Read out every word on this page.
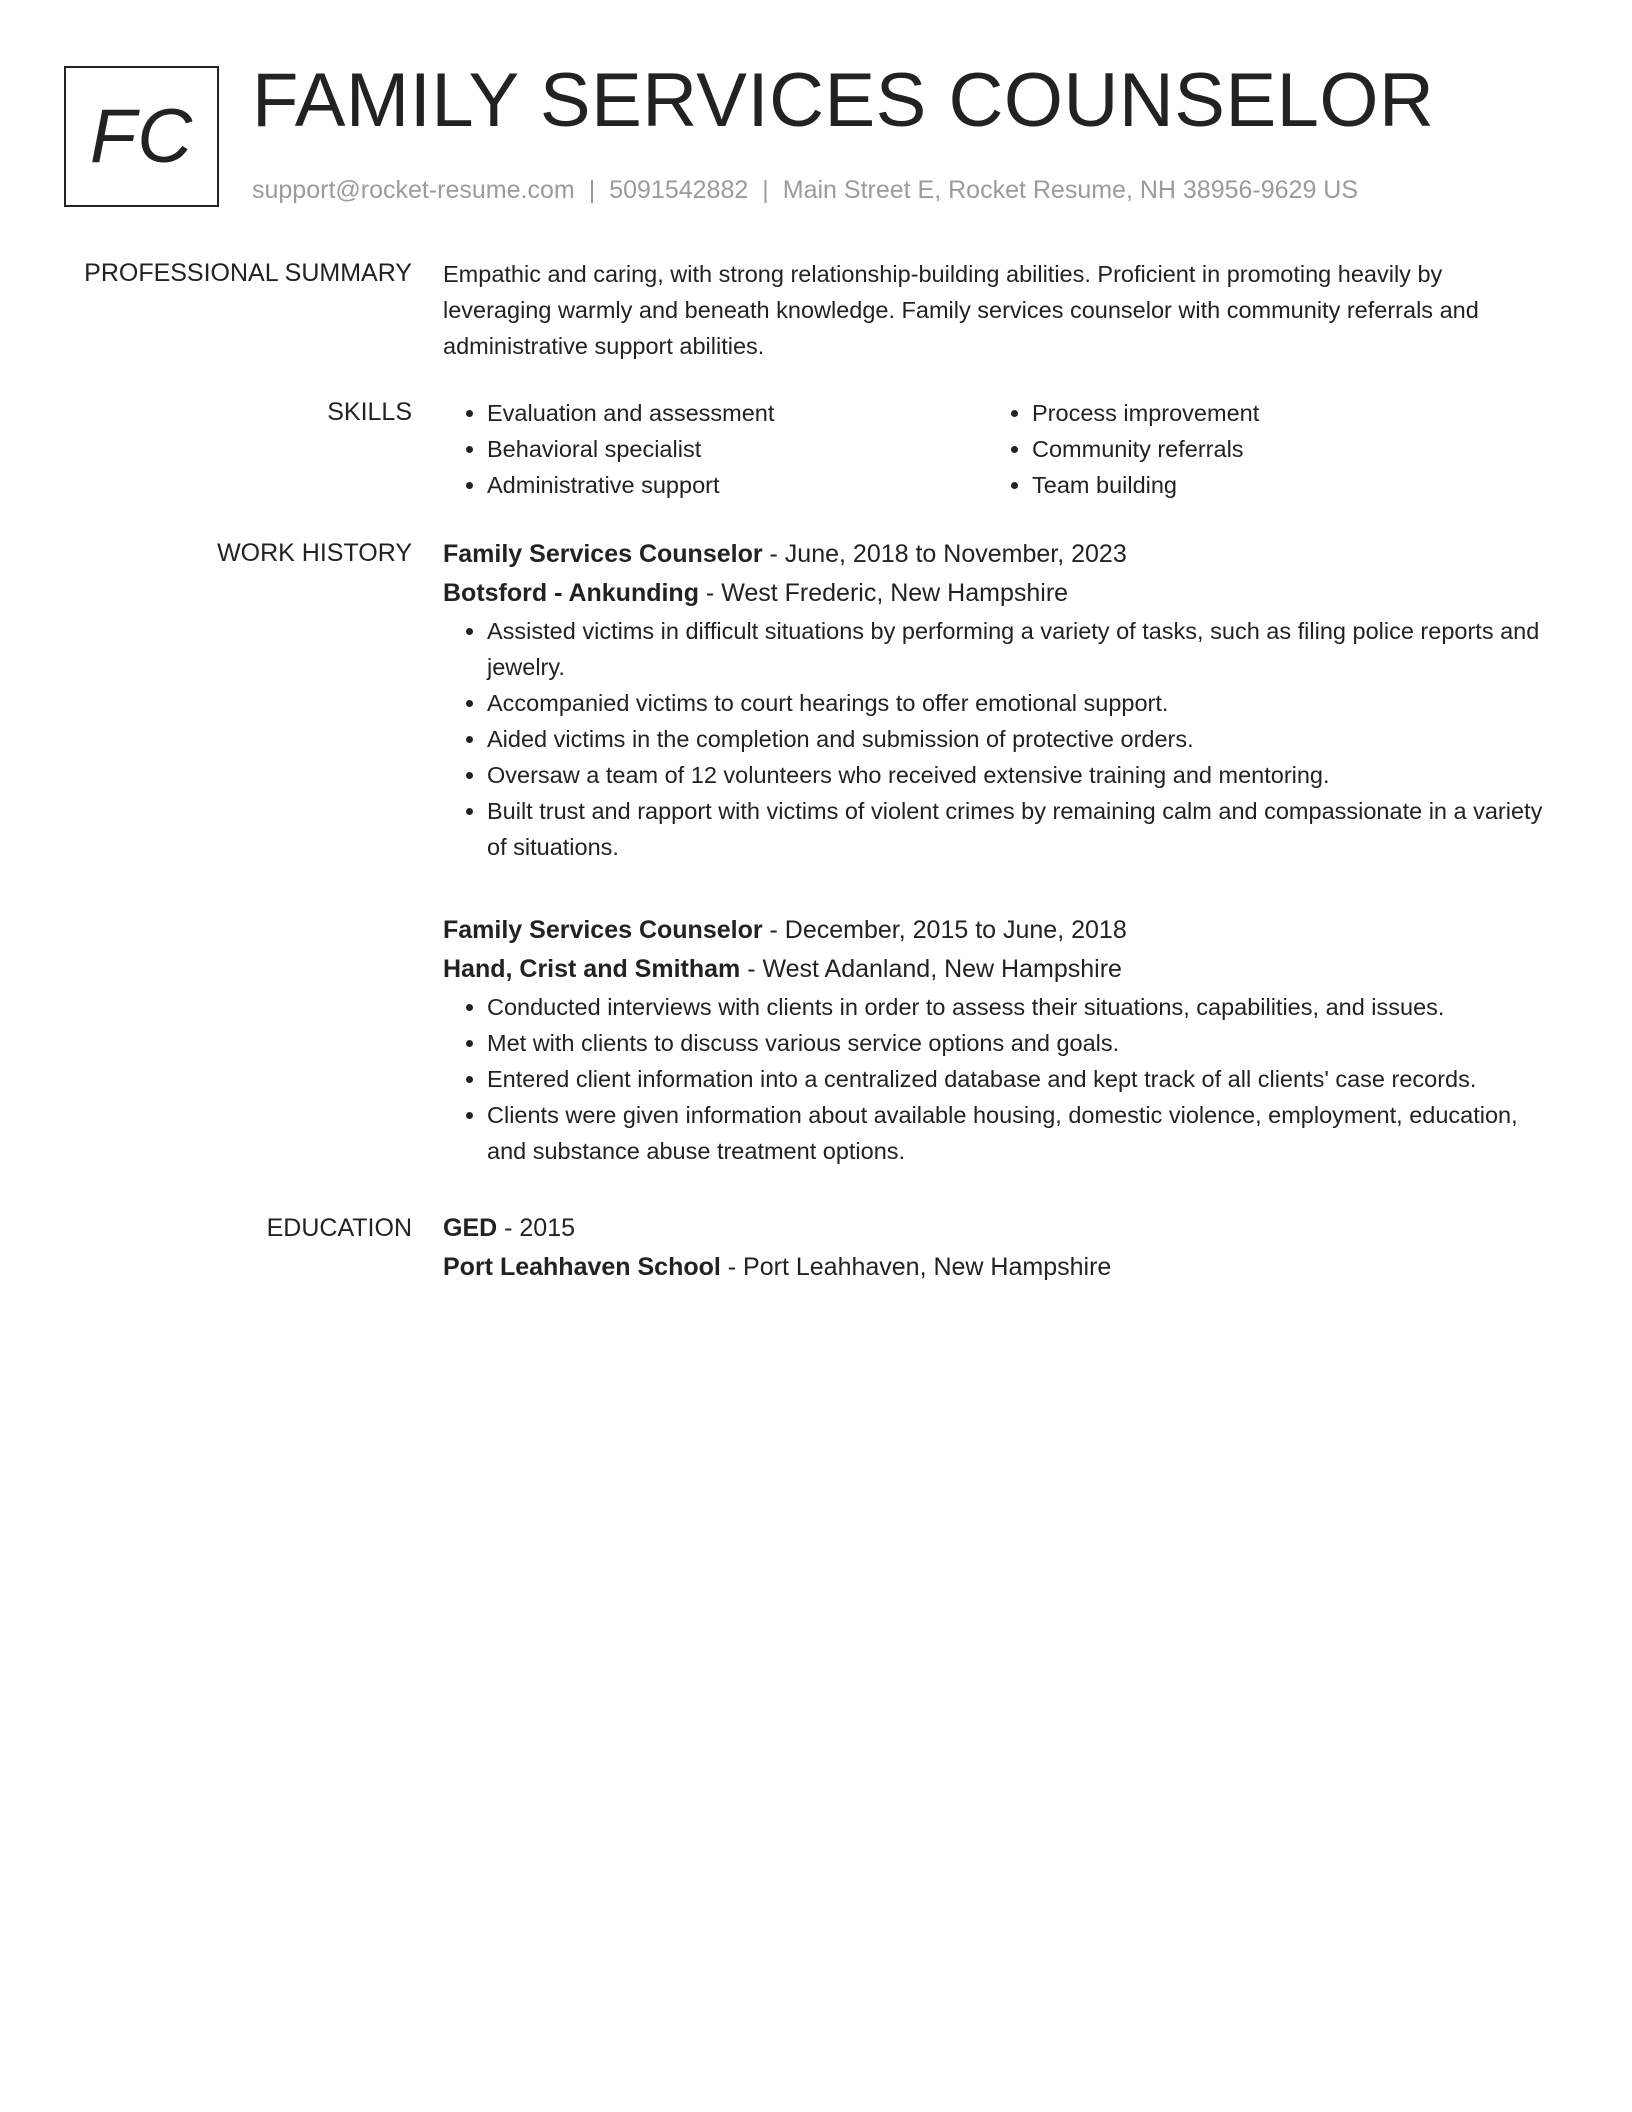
FC FAMILY SERVICES COUNSELOR
support@rocket-resume.com | 5091542882 | Main Street E, Rocket Resume, NH 38956-9629 US
PROFESSIONAL SUMMARY Empathic and caring, with strong relationship-building abilities. Proficient in promoting heavily by leveraging warmly and beneath knowledge. Family services counselor with community referrals and administrative support abilities.

SKILLS
•	Evaluation and assessment
• Behavioral specialist
• Administrative support
• Process improvement
• Community referrals
• Team building
WORK HISTORY Family Services Counselor - June, 2018 to November, 2023
Botsford - Ankunding - West Frederic, New Hampshire
• Assisted victims in difficult situations by performing a variety of tasks, such as filing police reports and jewelry.
• Accompanied victims to court hearings to offer emotional support.
• Aided victims in the completion and submission of protective orders.
• Oversaw a team of 12 volunteers who received extensive training and mentoring.
• Built trust and rapport with victims of violent crimes by remaining calm and compassionate in a variety of situations.
Family Services Counselor - December, 2015 to June, 2018
Hand, Crist and Smitham - West Adanland, New Hampshire
• Conducted interviews with clients in order to assess their situations, capabilities, and issues.
• Met with clients to discuss various service options and goals.
• Entered client information into a centralized database and kept track of all clients' case records.
• Clients were given information about available housing, domestic violence, employment, education, and substance abuse treatment options.
EDUCATION GED - 2015
Port Leahhaven School - Port Leahhaven, New Hampshire
